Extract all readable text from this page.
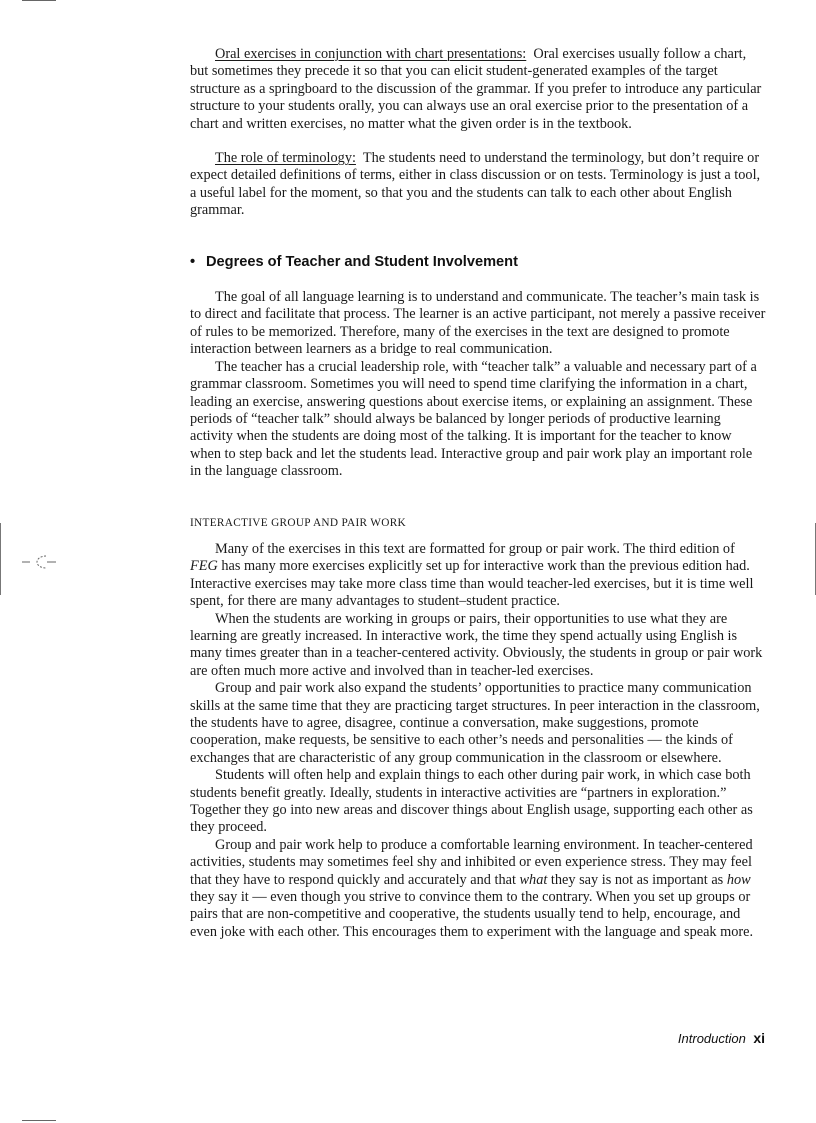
Oral exercises in conjunction with chart presentations: Oral exercises usually follow a chart, but sometimes they precede it so that you can elicit student-generated examples of the target structure as a springboard to the discussion of the grammar. If you prefer to introduce any particular structure to your students orally, you can always use an oral exercise prior to the presentation of a chart and written exercises, no matter what the given order is in the textbook.

The role of terminology: The students need to understand the terminology, but don’t require or expect detailed definitions of terms, either in class discussion or on tests. Terminology is just a tool, a useful label for the moment, so that you and the students can talk to each other about English grammar.

• Degrees of Teacher and Student Involvement

The goal of all language learning is to understand and communicate. The teacher’s main task is to direct and facilitate that process. The learner is an active participant, not merely a passive receiver of rules to be memorized. Therefore, many of the exercises in the text are designed to promote interaction between learners as a bridge to real communication.

The teacher has a crucial leadership role, with “teacher talk” a valuable and necessary part of a grammar classroom. Sometimes you will need to spend time clarifying the information in a chart, leading an exercise, answering questions about exercise items, or explaining an assignment. These periods of “teacher talk” should always be balanced by longer periods of productive learning activity when the students are doing most of the talking. It is important for the teacher to know when to step back and let the students lead. Interactive group and pair work play an important role in the language classroom.

INTERACTIVE GROUP AND PAIR WORK

Many of the exercises in this text are formatted for group or pair work. The third edition of FEG has many more exercises explicitly set up for interactive work than the previous edition had. Interactive exercises may take more class time than would teacher-led exercises, but it is time well spent, for there are many advantages to student–student practice.

When the students are working in groups or pairs, their opportunities to use what they are learning are greatly increased. In interactive work, the time they spend actually using English is many times greater than in a teacher-centered activity. Obviously, the students in group or pair work are often much more active and involved than in teacher-led exercises.

Group and pair work also expand the students’ opportunities to practice many communication skills at the same time that they are practicing target structures. In peer interaction in the classroom, the students have to agree, disagree, continue a conversation, make suggestions, promote cooperation, make requests, be sensitive to each other’s needs and personalities — the kinds of exchanges that are characteristic of any group communication in the classroom or elsewhere.

Students will often help and explain things to each other during pair work, in which case both students benefit greatly. Ideally, students in interactive activities are “partners in exploration.” Together they go into new areas and discover things about English usage, supporting each other as they proceed.

Group and pair work help to produce a comfortable learning environment. In teacher-centered activities, students may sometimes feel shy and inhibited or even experience stress. They may feel that they have to respond quickly and accurately and that what they say is not as important as how they say it — even though you strive to convince them to the contrary. When you set up groups or pairs that are non-competitive and cooperative, the students usually tend to help, encourage, and even joke with each other. This encourages them to experiment with the language and speak more.

Introduction xi
